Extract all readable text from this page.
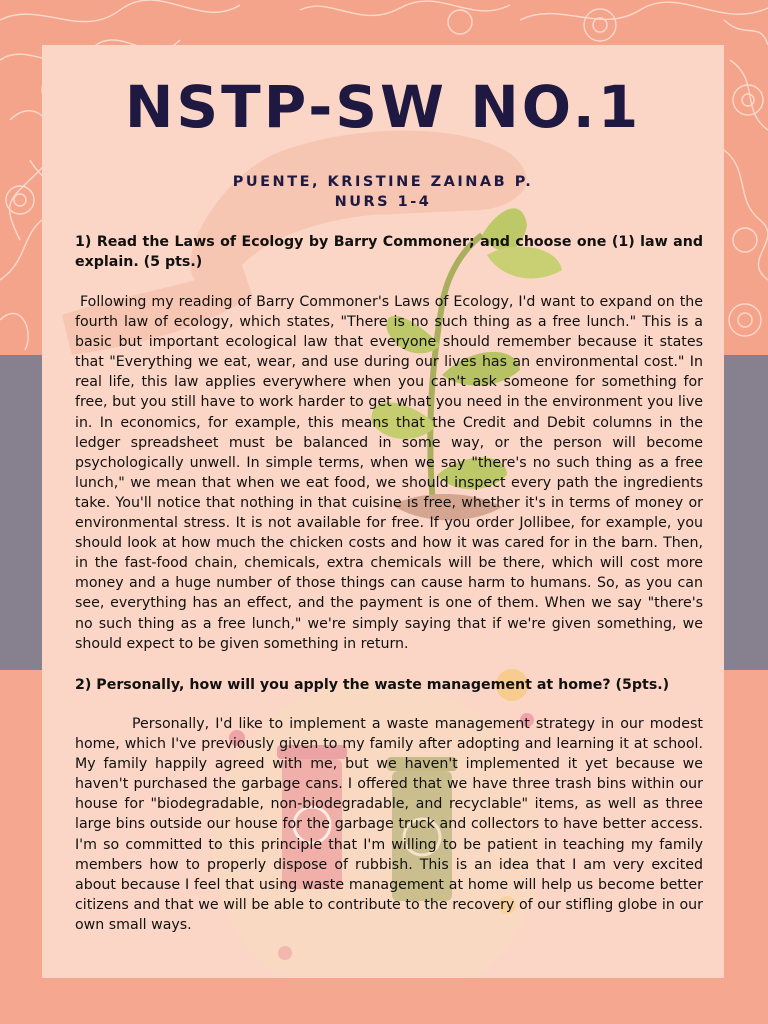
NSTP-SW NO.1
PUENTE, KRISTINE ZAINAB P.
NURS 1-4
1) Read the Laws of Ecology by Barry Commoner; and choose one (1) law and explain. (5 pts.)
Following my reading of Barry Commoner's Laws of Ecology, I'd want to expand on the fourth law of ecology, which states, "There is no such thing as a free lunch." This is a basic but important ecological law that everyone should remember because it states that "Everything we eat, wear, and use during our lives has an environmental cost." In real life, this law applies everywhere when you can't ask someone for something for free, but you still have to work harder to get what you need in the environment you live in. In economics, for example, this means that the Credit and Debit columns in the ledger spreadsheet must be balanced in some way, or the person will become psychologically unwell. In simple terms, when we say "there's no such thing as a free lunch," we mean that when we eat food, we should inspect every path the ingredients take. You'll notice that nothing in that cuisine is free, whether it's in terms of money or environmental stress. It is not available for free. If you order Jollibee, for example, you should look at how much the chicken costs and how it was cared for in the barn. Then, in the fast-food chain, chemicals, extra chemicals will be there, which will cost more money and a huge number of those things can cause harm to humans. So, as you can see, everything has an effect, and the payment is one of them. When we say "there's no such thing as a free lunch," we're simply saying that if we're given something, we should expect to be given something in return.
2) Personally, how will you apply the waste management at home? (5pts.)
Personally, I'd like to implement a waste management strategy in our modest home, which I've previously given to my family after adopting and learning it at school. My family happily agreed with me, but we haven't implemented it yet because we haven't purchased the garbage cans. I offered that we have three trash bins within our house for "biodegradable, non-biodegradable, and recyclable" items, as well as three large bins outside our house for the garbage truck and collectors to have better access. I'm so committed to this principle that I'm willing to be patient in teaching my family members how to properly dispose of rubbish. This is an idea that I am very excited about because I feel that using waste management at home will help us become better citizens and that we will be able to contribute to the recovery of our stifling globe in our own small ways.
